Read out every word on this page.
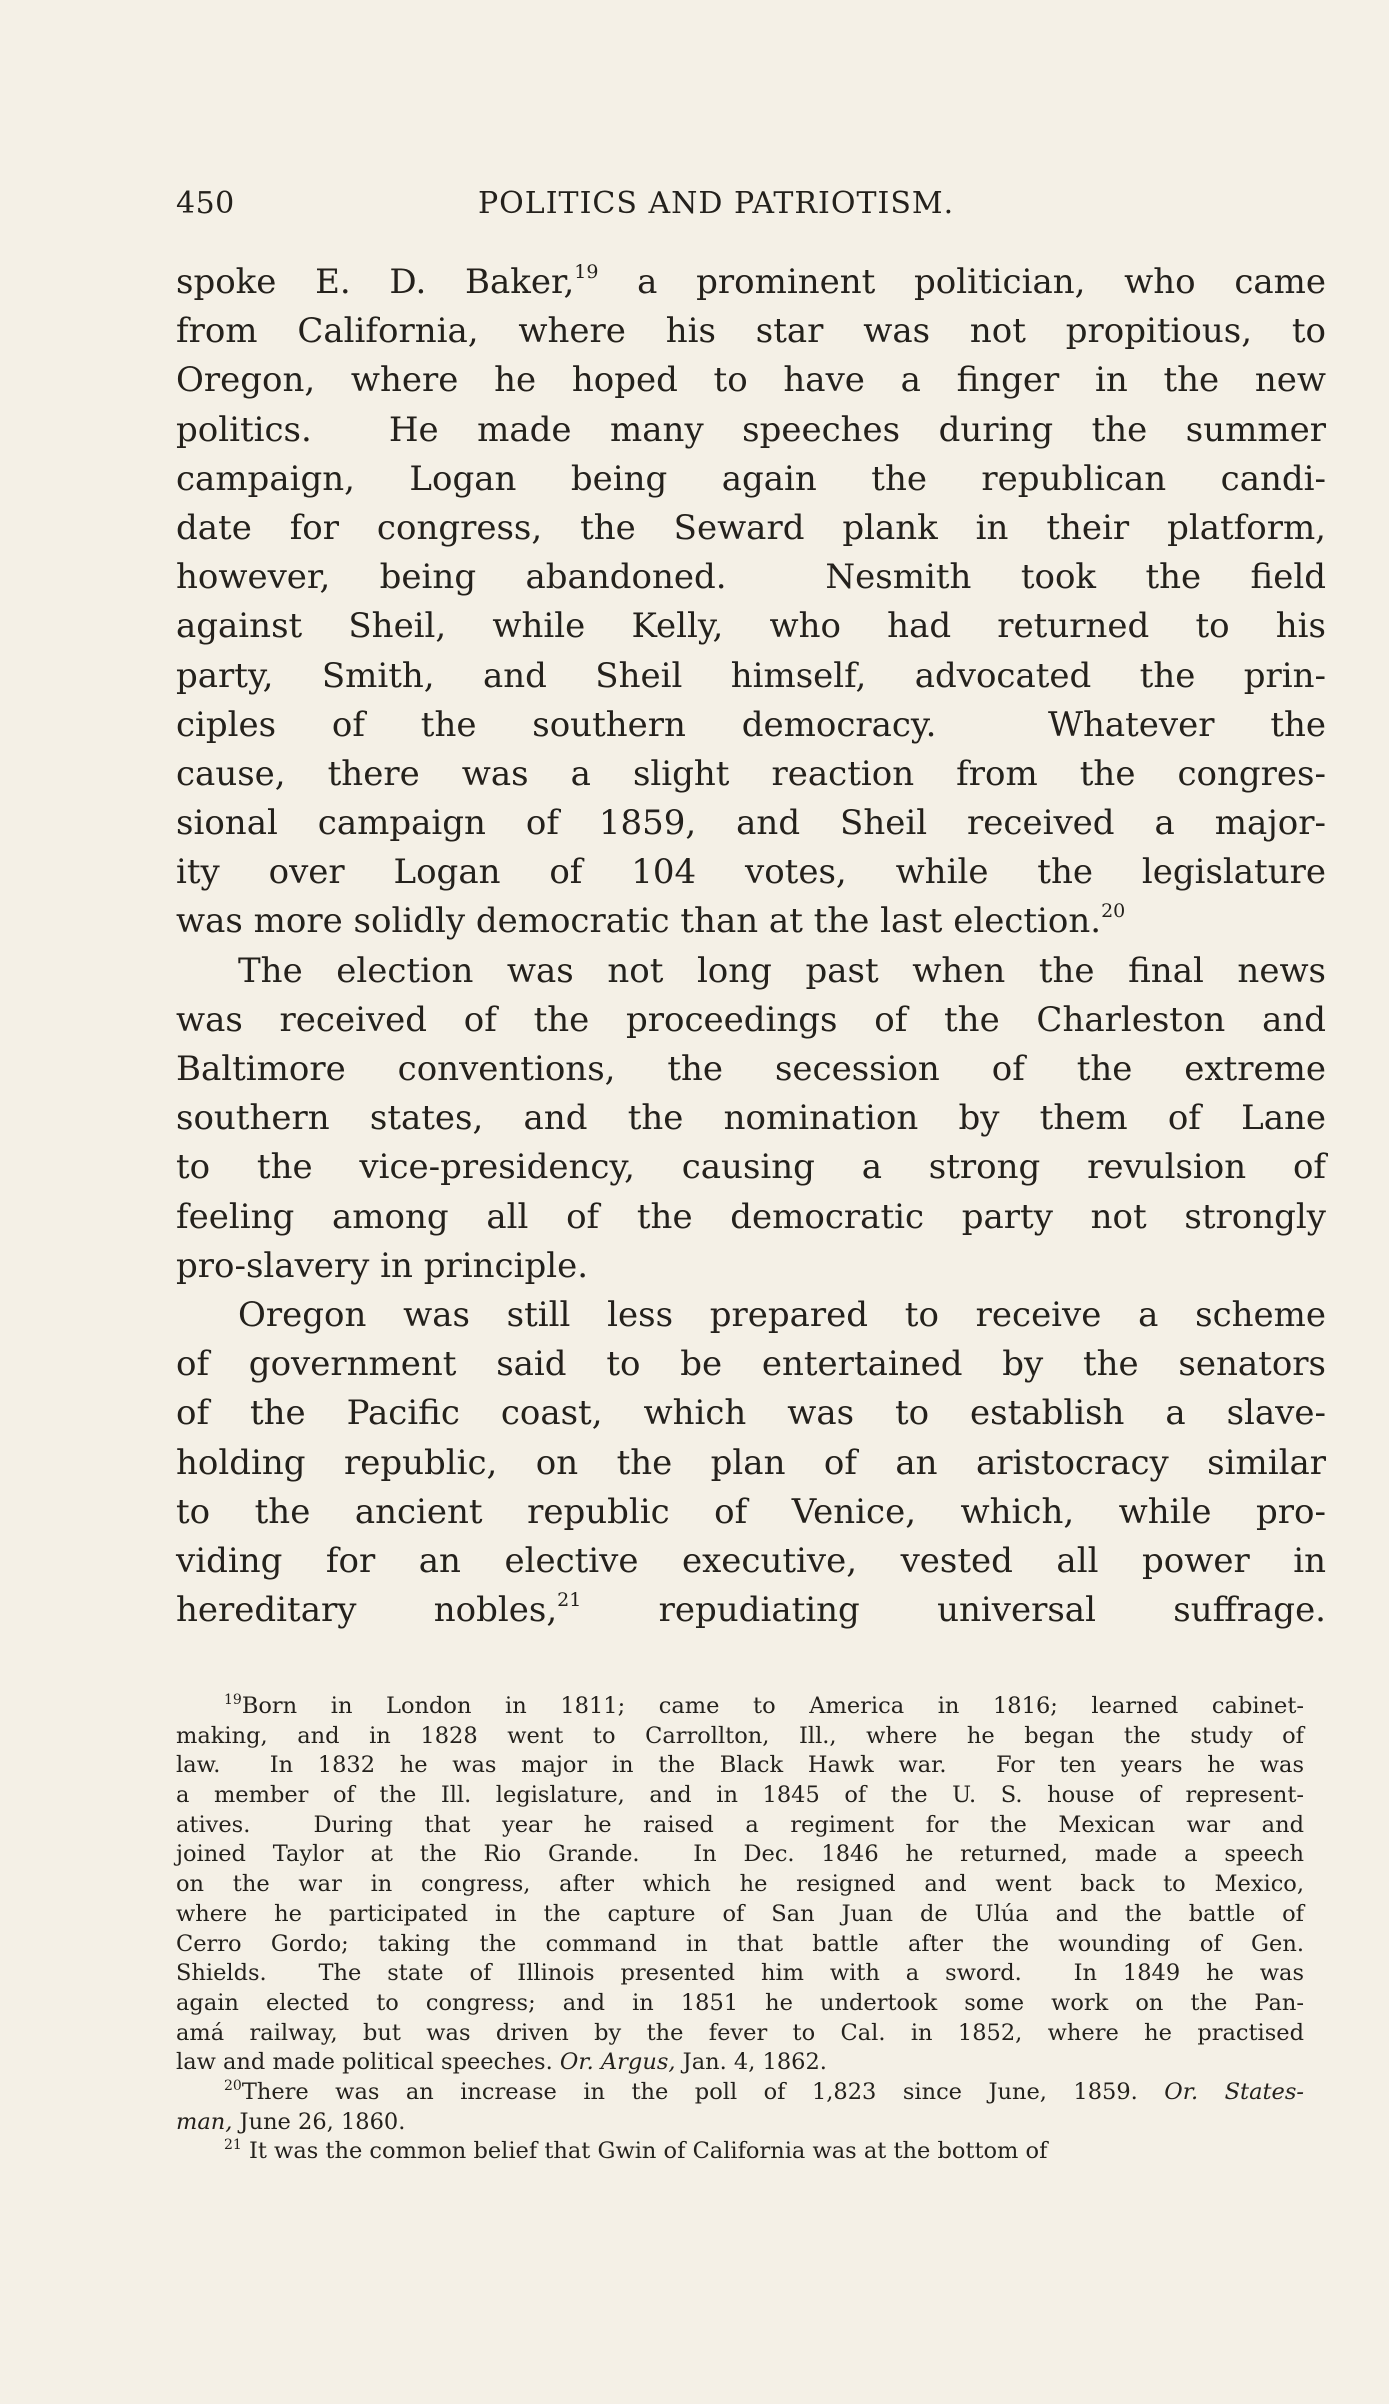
450	POLITICS AND PATRIOTISM.
spoke E. D. Baker,$^{19}$ a prominent politician, who came
from California, where his star was not propitious, to
Oregon, where he hoped to have a finger in the new
politics.  He made many speeches during the summer
campaign, Logan being again the republican candi-
date for congress, the Seward plank in their platform,
however, being abandoned.  Nesmith took the field
against Sheil, while Kelly, who had returned to his
party, Smith, and Sheil himself, advocated the prin-
ciples of the southern democracy.  Whatever the
cause, there was a slight reaction from the congres-
sional campaign of 1859, and Sheil received a major-
ity over Logan of 104 votes, while the legislature
was more solidly democratic than at the last election.$^{20}$
The election was not long past when the final news
was received of the proceedings of the Charleston and
Baltimore conventions, the secession of the extreme
southern states, and the nomination by them of Lane
to the vice-presidency, causing a strong revulsion of
feeling among all of the democratic party not strongly
pro-slavery in principle.
Oregon was still less prepared to receive a scheme
of government said to be entertained by the senators
of the Pacific coast, which was to establish a slave-
holding republic, on the plan of an aristocracy similar
to the ancient republic of Venice, which, while pro-
viding for an elective executive, vested all power in
hereditary nobles,$^{21}$ repudiating universal suffrage.
$^{19}$Born in London in 1811; came to America in 1816; learned cabinet-
making, and in 1828 went to Carrollton, Ill., where he began the study of
law.  In 1832 he was major in the Black Hawk war.  For ten years he was
a member of the Ill. legislature, and in 1845 of the U. S. house of represent-
atives.  During that year he raised a regiment for the Mexican war and
joined Taylor at the Rio Grande.  In Dec. 1846 he returned, made a speech
on the war in congress, after which he resigned and went back to Mexico,
where he participated in the capture of San Juan de Ulúa and the battle of
Cerro Gordo; taking the command in that battle after the wounding of Gen.
Shields.  The state of Illinois presented him with a sword.  In 1849 he was
again elected to congress; and in 1851 he undertook some work on the Pan-
amá railway, but was driven by the fever to Cal. in 1852, where he practised
law and made political speeches. Or. Argus, Jan. 4, 1862.
$^{20}$There was an increase in the poll of 1,823 since June, 1859. Or. States-
man, June 26, 1860.
$^{21}$ It was the common belief that Gwin of California was at the bottom of
